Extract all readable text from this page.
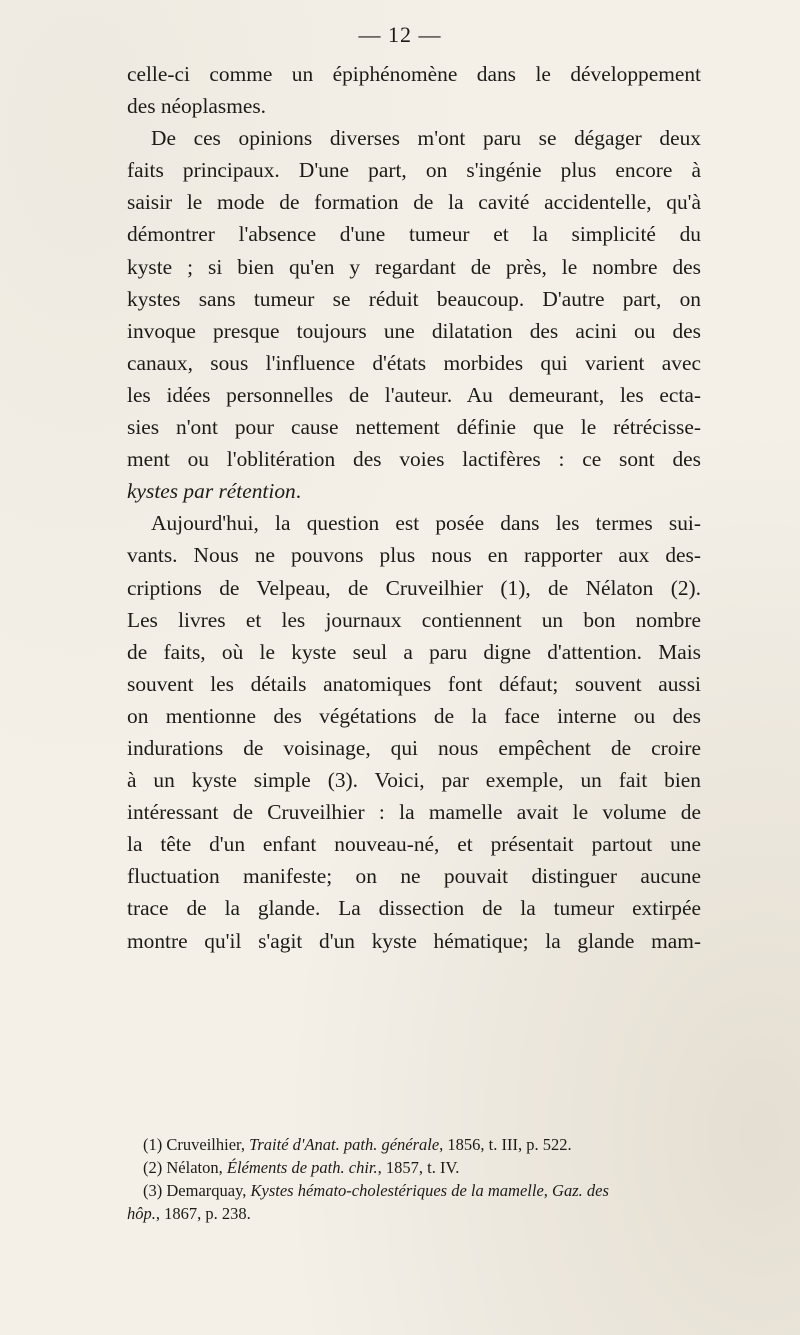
— 12 —
celle-ci comme un épiphénomène dans le développement
des néoplasmes.
De ces opinions diverses m'ont paru se dégager deux
faits principaux. D'une part, on s'ingénie plus encore à
saisir le mode de formation de la cavité accidentelle, qu'à
démontrer l'absence d'une tumeur et la simplicité du
kyste ; si bien qu'en y regardant de près, le nombre des
kystes sans tumeur se réduit beaucoup. D'autre part, on
invoque presque toujours une dilatation des acini ou des
canaux, sous l'influence d'états morbides qui varient avec
les idées personnelles de l'auteur. Au demeurant, les ecta-
sies n'ont pour cause nettement définie que le rétrécisse-
ment ou l'oblitération des voies lactifères : ce sont des
kystes par rétention.
Aujourd'hui, la question est posée dans les termes sui-
vants. Nous ne pouvons plus nous en rapporter aux des-
criptions de Velpeau, de Cruveilhier (1), de Nélaton (2).
Les livres et les journaux contiennent un bon nombre
de faits, où le kyste seul a paru digne d'attention. Mais
souvent les détails anatomiques font défaut; souvent aussi
on mentionne des végétations de la face interne ou des
indurations de voisinage, qui nous empêchent de croire
à un kyste simple (3). Voici, par exemple, un fait bien
intéressant de Cruveilhier : la mamelle avait le volume de
la tête d'un enfant nouveau-né, et présentait partout une
fluctuation manifeste; on ne pouvait distinguer aucune
trace de la glande. La dissection de la tumeur extirpée
montre qu'il s'agit d'un kyste hématique; la glande mam-
(1) Cruveilhier, Traité d'Anat. path. générale, 1856, t. III, p. 522.
(2) Nélaton, Éléments de path. chir., 1857, t. IV.
(3) Demarquay, Kystes hémato-cholestériques de la mamelle, Gaz. des
hôp., 1867, p. 238.
